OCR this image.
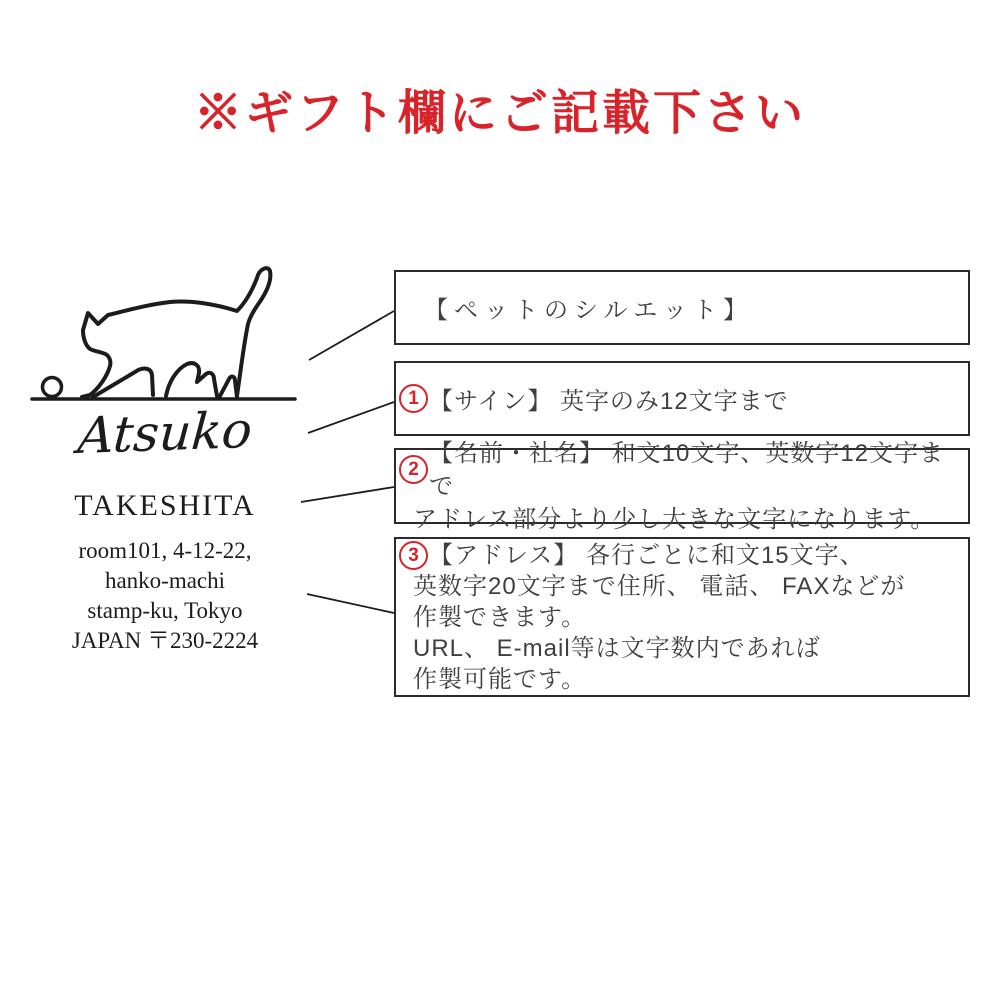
※ギフト欄にご記載下さい
Atsuko
TAKESHITA
room101, 4-12-22,
hanko-machi
stamp-ku, Tokyo
JAPAN 〒230-2224
【ペットのシルエット】
1 【サイン】 英字のみ12文字まで
2
【名前・社名】 和文10文字、英数字12文字まで
アドレス部分より少し大きな文字になります。
3 【アドレス】 各行ごとに和文15文字、
英数字20文字まで住所、 電話、 FAXなどが
作製できます。
URL、 E-mail等は文字数内であれば
作製可能です。
